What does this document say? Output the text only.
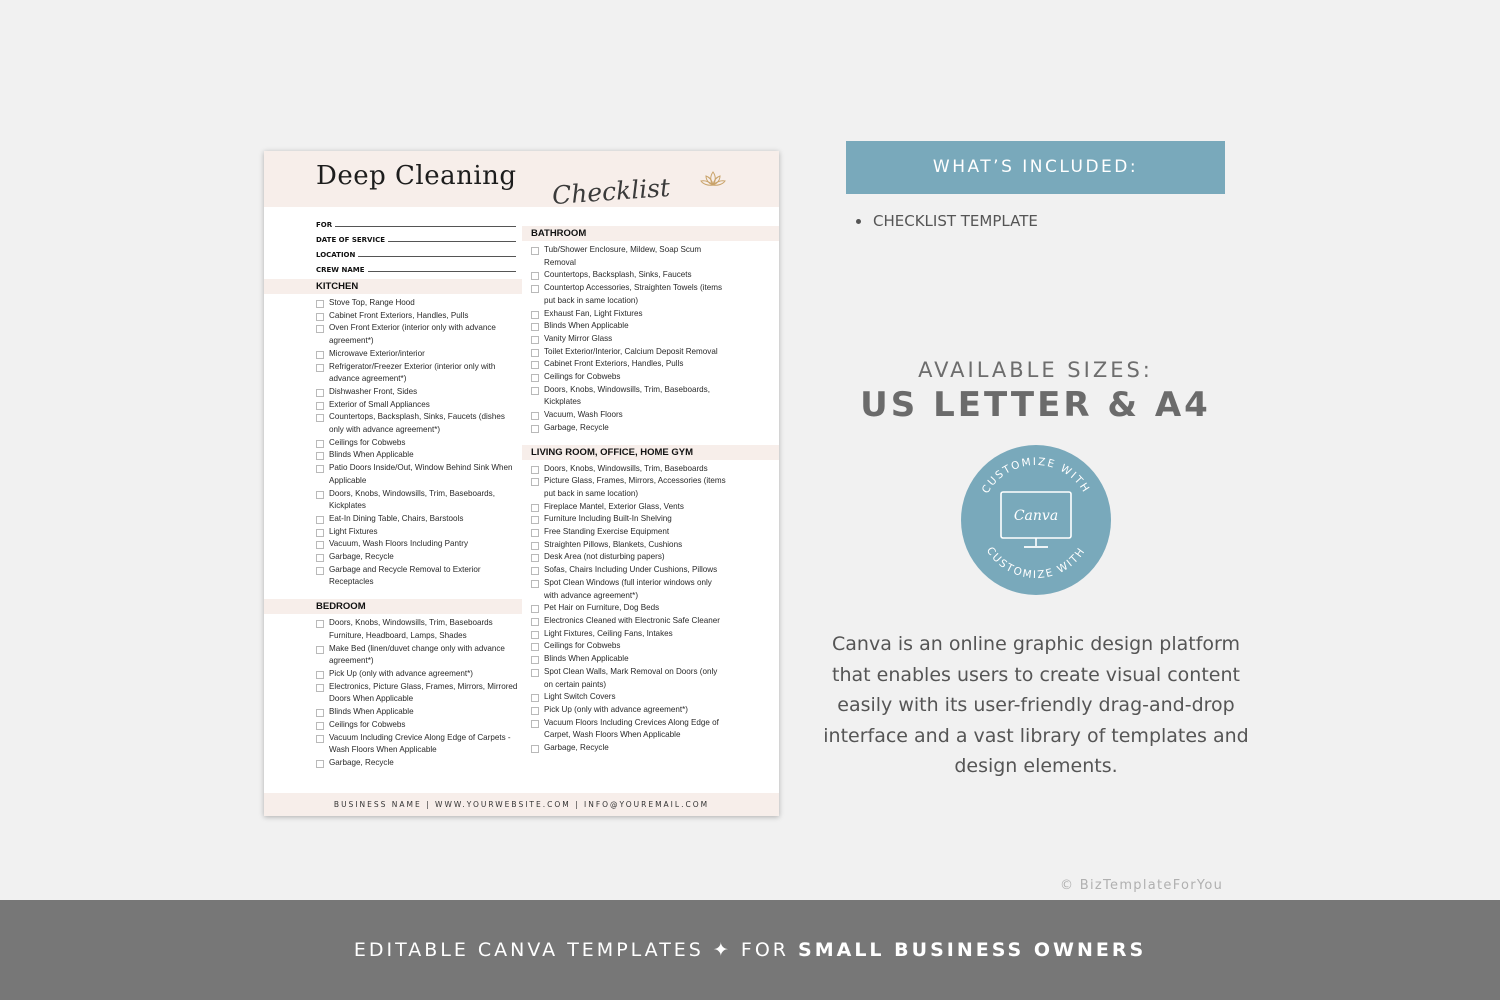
Deep Cleaning Checklist
FOR
DATE OF SERVICE
LOCATION
CREW NAME
KITCHEN
Stove Top, Range Hood
Cabinet Front Exteriors, Handles, Pulls
Oven Front Exterior (interior only with advance agreement*)
Microwave Exterior/interior
Refrigerator/Freezer Exterior (interior only with advance agreement*)
Dishwasher Front, Sides
Exterior of Small Appliances
Countertops, Backsplash, Sinks, Faucets (dishes only with advance agreement*)
Ceilings for Cobwebs
Blinds When Applicable
Patio Doors Inside/Out, Window Behind Sink When Applicable
Doors, Knobs, Windowsills, Trim, Baseboards, Kickplates
Eat-In Dining Table, Chairs, Barstools
Light Fixtures
Vacuum, Wash Floors Including Pantry
Garbage, Recycle
Garbage and Recycle Removal to Exterior Receptacles
BEDROOM
Doors, Knobs, Windowsills, Trim, Baseboards Furniture, Headboard, Lamps, Shades
Make Bed (linen/duvet change only with advance agreement*)
Pick Up (only with advance agreement*)
Electronics, Picture Glass, Frames, Mirrors, Mirrored Doors When Applicable
Blinds When Applicable
Ceilings for Cobwebs
Vacuum Including Crevice Along Edge of Carpets - Wash Floors When Applicable
Garbage, Recycle
BATHROOM
Tub/Shower Enclosure, Mildew, Soap Scum Removal
Countertops, Backsplash, Sinks, Faucets
Countertop Accessories, Straighten Towels (items put back in same location)
Exhaust Fan, Light Fixtures
Blinds When Applicable
Vanity Mirror Glass
Toilet Exterior/Interior, Calcium Deposit Removal
Cabinet Front Exteriors, Handles, Pulls
Ceilings for Cobwebs
Doors, Knobs, Windowsills, Trim, Baseboards, Kickplates
Vacuum, Wash Floors
Garbage, Recycle
LIVING ROOM, OFFICE, HOME GYM
Doors, Knobs, Windowsills, Trim, Baseboards
Picture Glass, Frames, Mirrors, Accessories (items put back in same location)
Fireplace Mantel, Exterior Glass, Vents
Furniture Including Built-In Shelving
Free Standing Exercise Equipment
Straighten Pillows, Blankets, Cushions
Desk Area (not disturbing papers)
Sofas, Chairs Including Under Cushions, Pillows
Spot Clean Windows (full interior windows only with advance agreement*)
Pet Hair on Furniture, Dog Beds
Electronics Cleaned with Electronic Safe Cleaner
Light Fixtures, Ceiling Fans, Intakes
Ceilings for Cobwebs
Blinds When Applicable
Spot Clean Walls, Mark Removal on Doors (only on certain paints)
Light Switch Covers
Pick Up (only with advance agreement*)
Vacuum Floors Including Crevices Along Edge of Carpet, Wash Floors When Applicable
Garbage, Recycle
BUSINESS NAME | WWW.YOURWEBSITE.COM | INFO@YOUREMAIL.COM
WHAT’S INCLUDED:
CHECKLIST TEMPLATE
AVAILABLE SIZES:
US LETTER & A4
CUSTOMIZE WITH
CUSTOMIZE WITH
Canva
Canva is an online graphic design platform that enables users to create visual content easily with its user-friendly drag-and-drop interface and a vast library of templates and design elements.
© BizTemplateForYou
EDITABLE CANVA TEMPLATES ✦ FOR SMALL BUSINESS OWNERS
